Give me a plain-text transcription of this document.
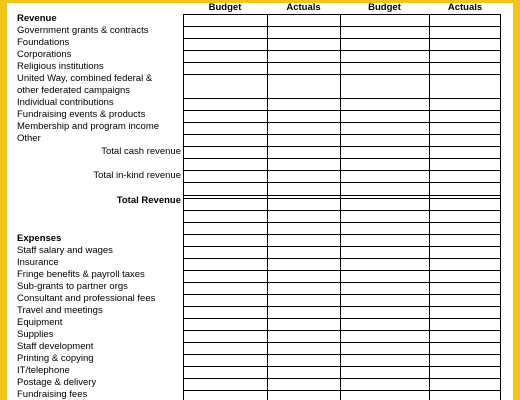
Budget	Actuals	Budget	Actuals
Revenue
Government grants & contracts
Foundations
Corporations
Religious institutions
United Way, combined federal &
other federated campaigns
Individual contributions
Fundraising events & products
Membership and program income
Other
Total cash revenue
Total in-kind revenue
Total Revenue
Expenses
Staff salary and wages
Insurance
Fringe benefits & payroll taxes
Sub-grants to partner orgs
Consultant and professional fees
Travel and meetings
Equipment
Supplies
Staff development
Printing & copying
IT/telephone
Postage & delivery
Fundraising fees
